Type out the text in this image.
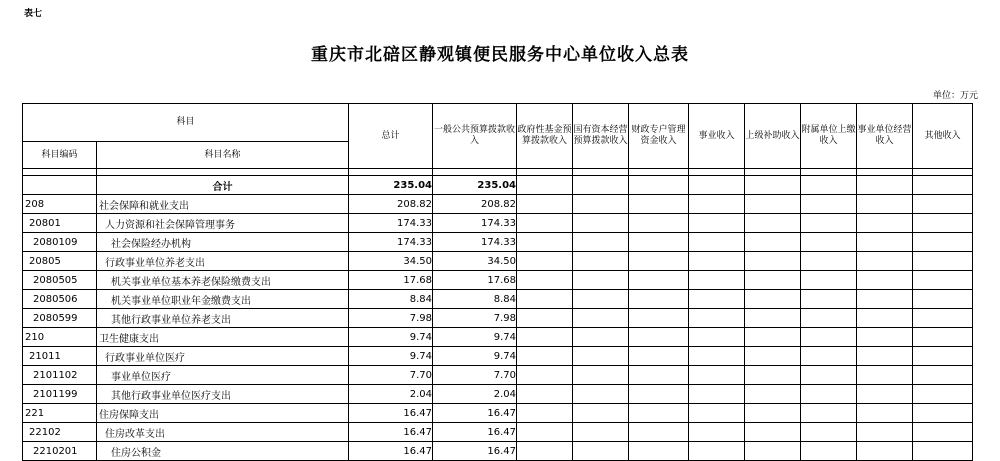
表七
重庆市北碚区静观镇便民服务中心单位收入总表
单位：万元
科目		总计	一般公共预算拨款收入	政府性基金预算拨款收入	国有资本经营预算拨款收入	财政专户管理资金收入	事业收入	上级补助收入	附属单位上缴收入	事业单位经营收入	其他收入
科目编码	科目名称										

	合计	235.04	235.04								
208	社会保障和就业支出	208.82	208.82								
20801	人力资源和社会保障管理事务	174.33	174.33								
2080109	社会保险经办机构	174.33	174.33								
20805	行政事业单位养老支出	34.50	34.50								
2080505	机关事业单位基本养老保险缴费支出	17.68	17.68								
2080506	机关事业单位职业年金缴费支出	8.84	8.84								
2080599	其他行政事业单位养老支出	7.98	7.98								
210	卫生健康支出	9.74	9.74								
21011	行政事业单位医疗	9.74	9.74								
2101102	事业单位医疗	7.70	7.70								
2101199	其他行政事业单位医疗支出	2.04	2.04								
221	住房保障支出	16.47	16.47								
22102	住房改革支出	16.47	16.47								
2210201	住房公积金	16.47	16.47								
